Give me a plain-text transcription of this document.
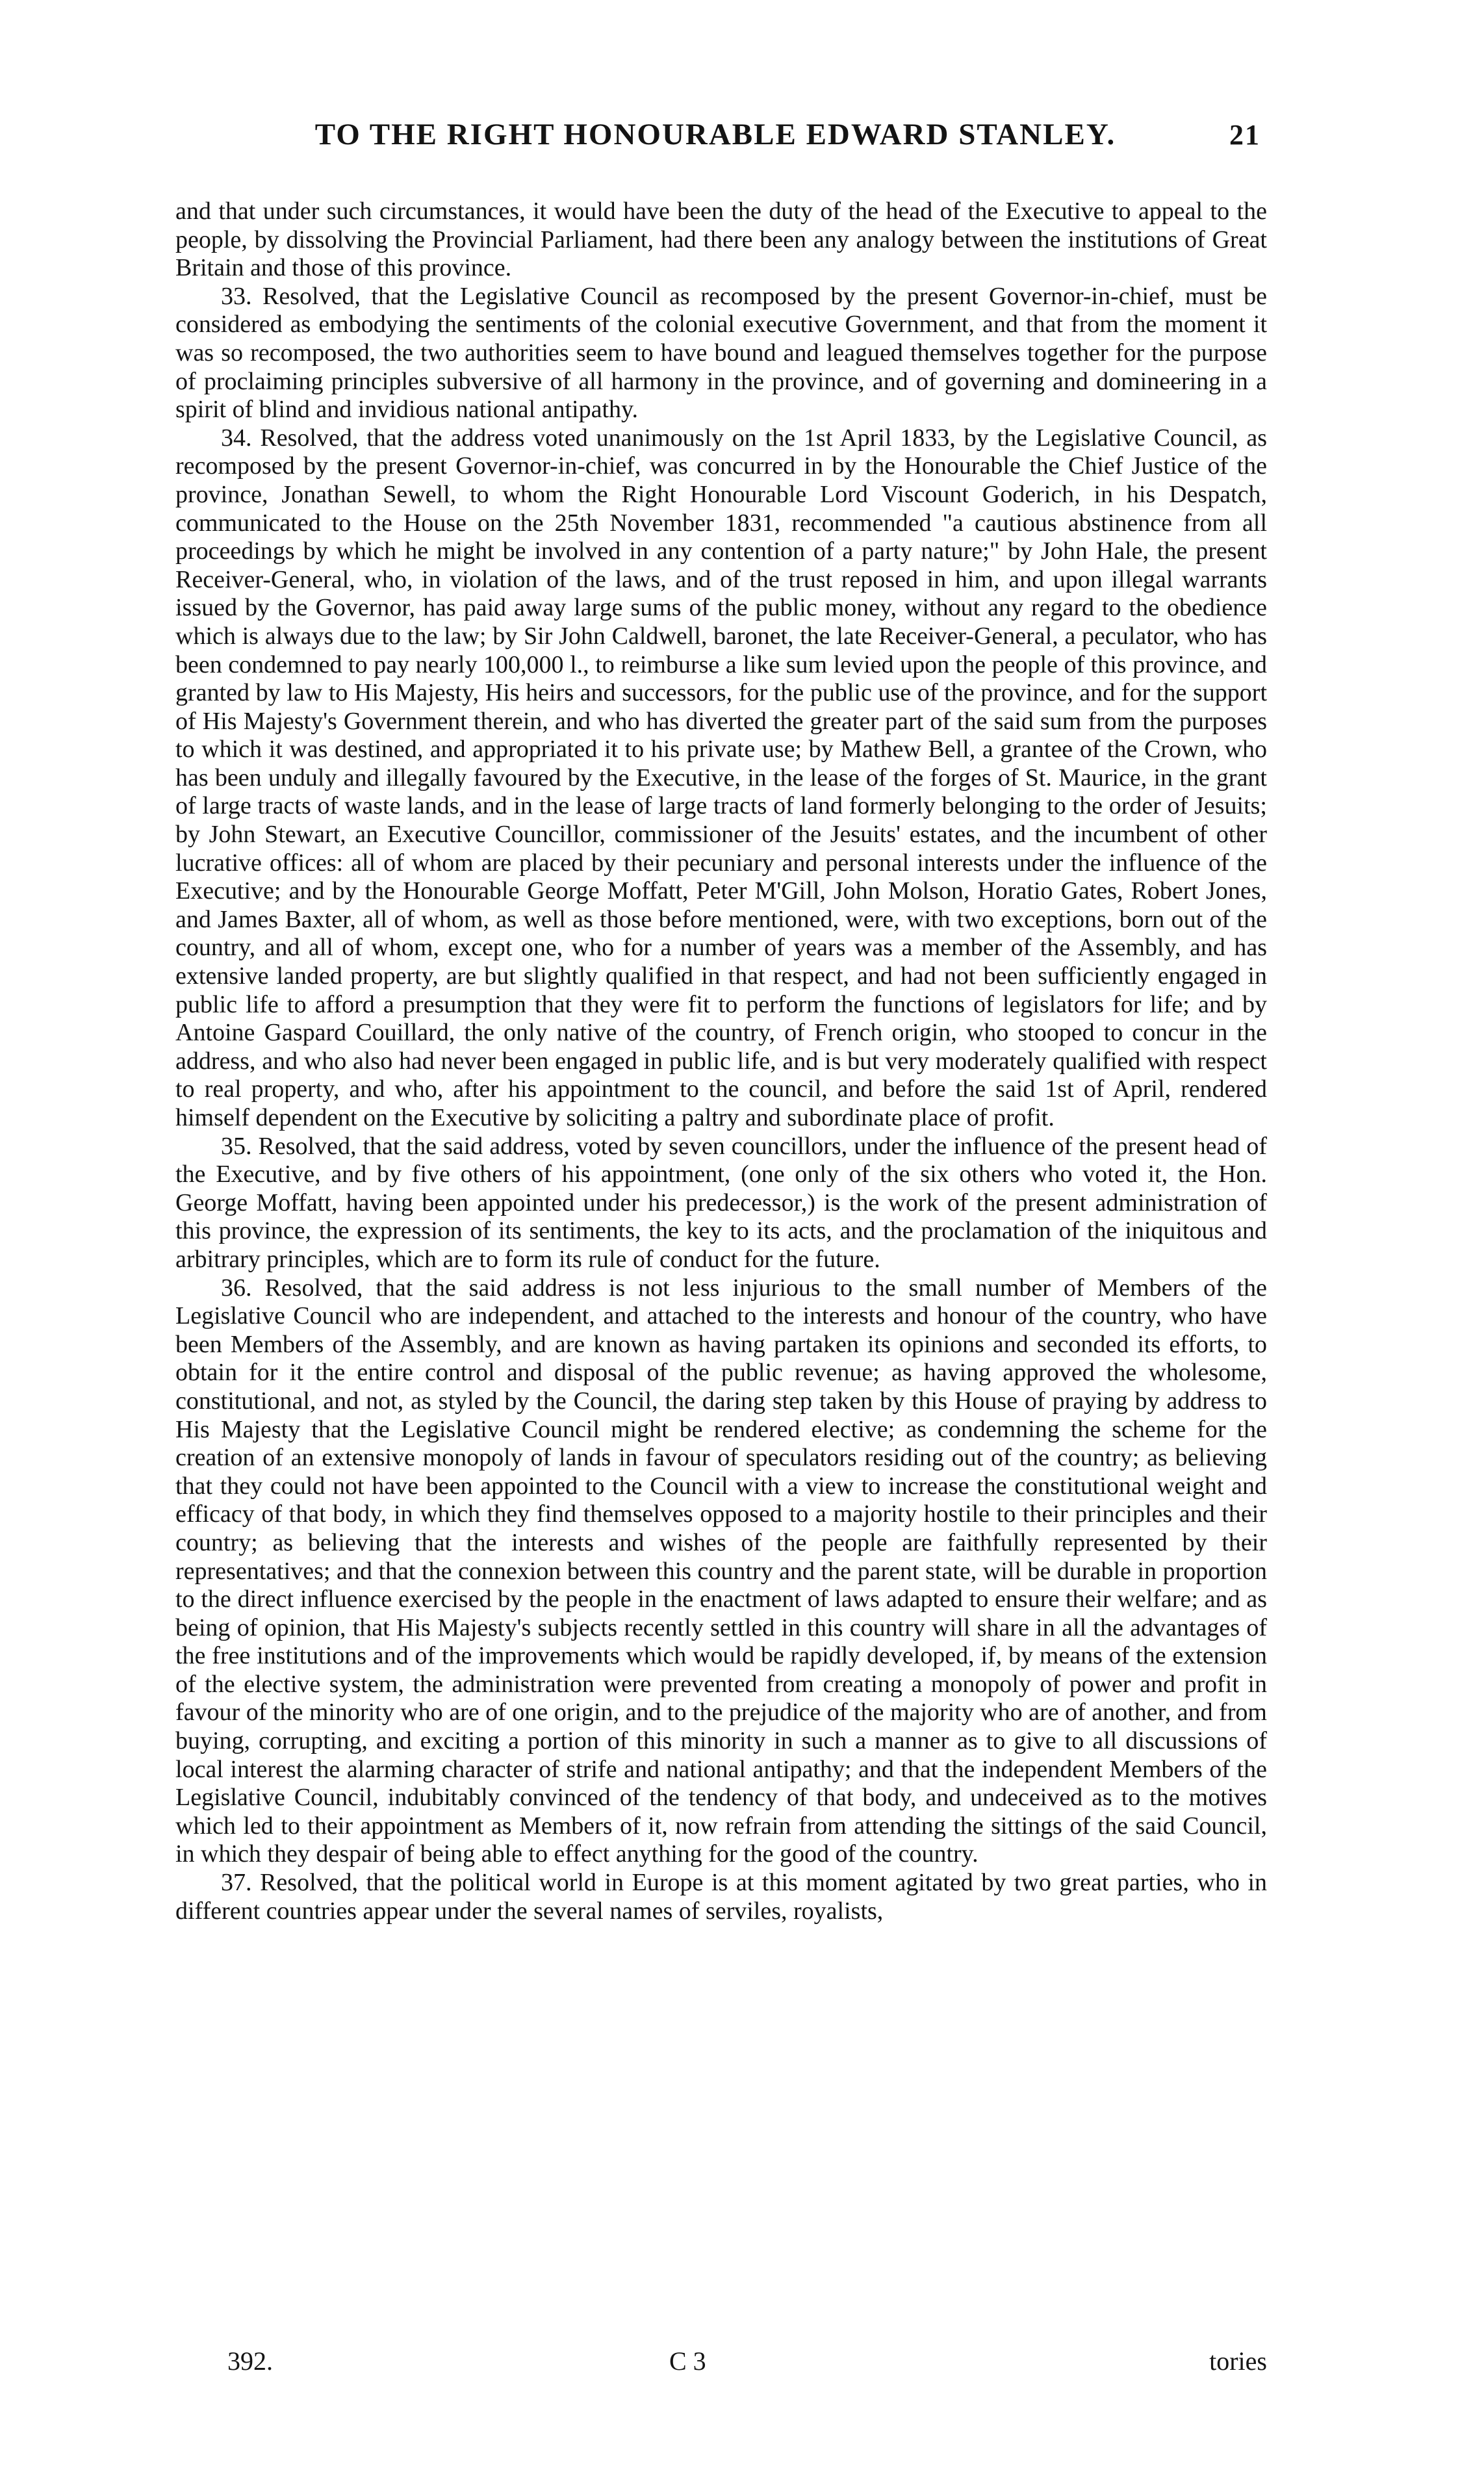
TO THE RIGHT HONOURABLE EDWARD STANLEY.	21

and that under such circumstances, it would have been the duty of the head of the Executive to appeal to the people, by dissolving the Provincial Parliament, had there been any analogy between the institutions of Great Britain and those of this province.

33. Resolved, that the Legislative Council as recomposed by the present Governor-in-chief, must be considered as embodying the sentiments of the colonial executive Government, and that from the moment it was so recomposed, the two authorities seem to have bound and leagued themselves together for the purpose of proclaiming principles subversive of all harmony in the province, and of governing and domineering in a spirit of blind and invidious national antipathy.

34. Resolved, that the address voted unanimously on the 1st April 1833, by the Legislative Council, as recomposed by the present Governor-in-chief, was concurred in by the Honourable the Chief Justice of the province, Jonathan Sewell, to whom the Right Honourable Lord Viscount Goderich, in his Despatch, communicated to the House on the 25th November 1831, recommended "a cautious abstinence from all proceedings by which he might be involved in any contention of a party nature;" by John Hale, the present Receiver-General, who, in violation of the laws, and of the trust reposed in him, and upon illegal warrants issued by the Governor, has paid away large sums of the public money, without any regard to the obedience which is always due to the law; by Sir John Caldwell, baronet, the late Receiver-General, a peculator, who has been condemned to pay nearly 100,000 l., to reimburse a like sum levied upon the people of this province, and granted by law to His Majesty, His heirs and successors, for the public use of the province, and for the support of His Majesty's Government therein, and who has diverted the greater part of the said sum from the purposes to which it was destined, and appropriated it to his private use; by Mathew Bell, a grantee of the Crown, who has been unduly and illegally favoured by the Executive, in the lease of the forges of St. Maurice, in the grant of large tracts of waste lands, and in the lease of large tracts of land formerly belonging to the order of Jesuits; by John Stewart, an Executive Councillor, commissioner of the Jesuits' estates, and the incumbent of other lucrative offices: all of whom are placed by their pecuniary and personal interests under the influence of the Executive; and by the Honourable George Moffatt, Peter M'Gill, John Molson, Horatio Gates, Robert Jones, and James Baxter, all of whom, as well as those before mentioned, were, with two exceptions, born out of the country, and all of whom, except one, who for a number of years was a member of the Assembly, and has extensive landed property, are but slightly qualified in that respect, and had not been sufficiently engaged in public life to afford a presumption that they were fit to perform the functions of legislators for life; and by Antoine Gaspard Couillard, the only native of the country, of French origin, who stooped to concur in the address, and who also had never been engaged in public life, and is but very moderately qualified with respect to real property, and who, after his appointment to the council, and before the said 1st of April, rendered himself dependent on the Executive by soliciting a paltry and subordinate place of profit.

35. Resolved, that the said address, voted by seven councillors, under the influence of the present head of the Executive, and by five others of his appointment, (one only of the six others who voted it, the Hon. George Moffatt, having been appointed under his predecessor,) is the work of the present administration of this province, the expression of its sentiments, the key to its acts, and the proclamation of the iniquitous and arbitrary principles, which are to form its rule of conduct for the future.

36. Resolved, that the said address is not less injurious to the small number of Members of the Legislative Council who are independent, and attached to the interests and honour of the country, who have been Members of the Assembly, and are known as having partaken its opinions and seconded its efforts, to obtain for it the entire control and disposal of the public revenue; as having approved the wholesome, constitutional, and not, as styled by the Council, the daring step taken by this House of praying by address to His Majesty that the Legislative Council might be rendered elective; as condemning the scheme for the creation of an extensive monopoly of lands in favour of speculators residing out of the country; as believing that they could not have been appointed to the Council with a view to increase the constitutional weight and efficacy of that body, in which they find themselves opposed to a majority hostile to their principles and their country; as believing that the interests and wishes of the people are faithfully represented by their representatives; and that the connexion between this country and the parent state, will be durable in proportion to the direct influence exercised by the people in the enactment of laws adapted to ensure their welfare; and as being of opinion, that His Majesty's subjects recently settled in this country will share in all the advantages of the free institutions and of the improvements which would be rapidly developed, if, by means of the extension of the elective system, the administration were prevented from creating a monopoly of power and profit in favour of the minority who are of one origin, and to the prejudice of the majority who are of another, and from buying, corrupting, and exciting a portion of this minority in such a manner as to give to all discussions of local interest the alarming character of strife and national antipathy; and that the independent Members of the Legislative Council, indubitably convinced of the tendency of that body, and undeceived as to the motives which led to their appointment as Members of it, now refrain from attending the sittings of the said Council, in which they despair of being able to effect anything for the good of the country.

37. Resolved, that the political world in Europe is at this moment agitated by two great parties, who in different countries appear under the several names of serviles, royalists,

392.	C 3	tories
